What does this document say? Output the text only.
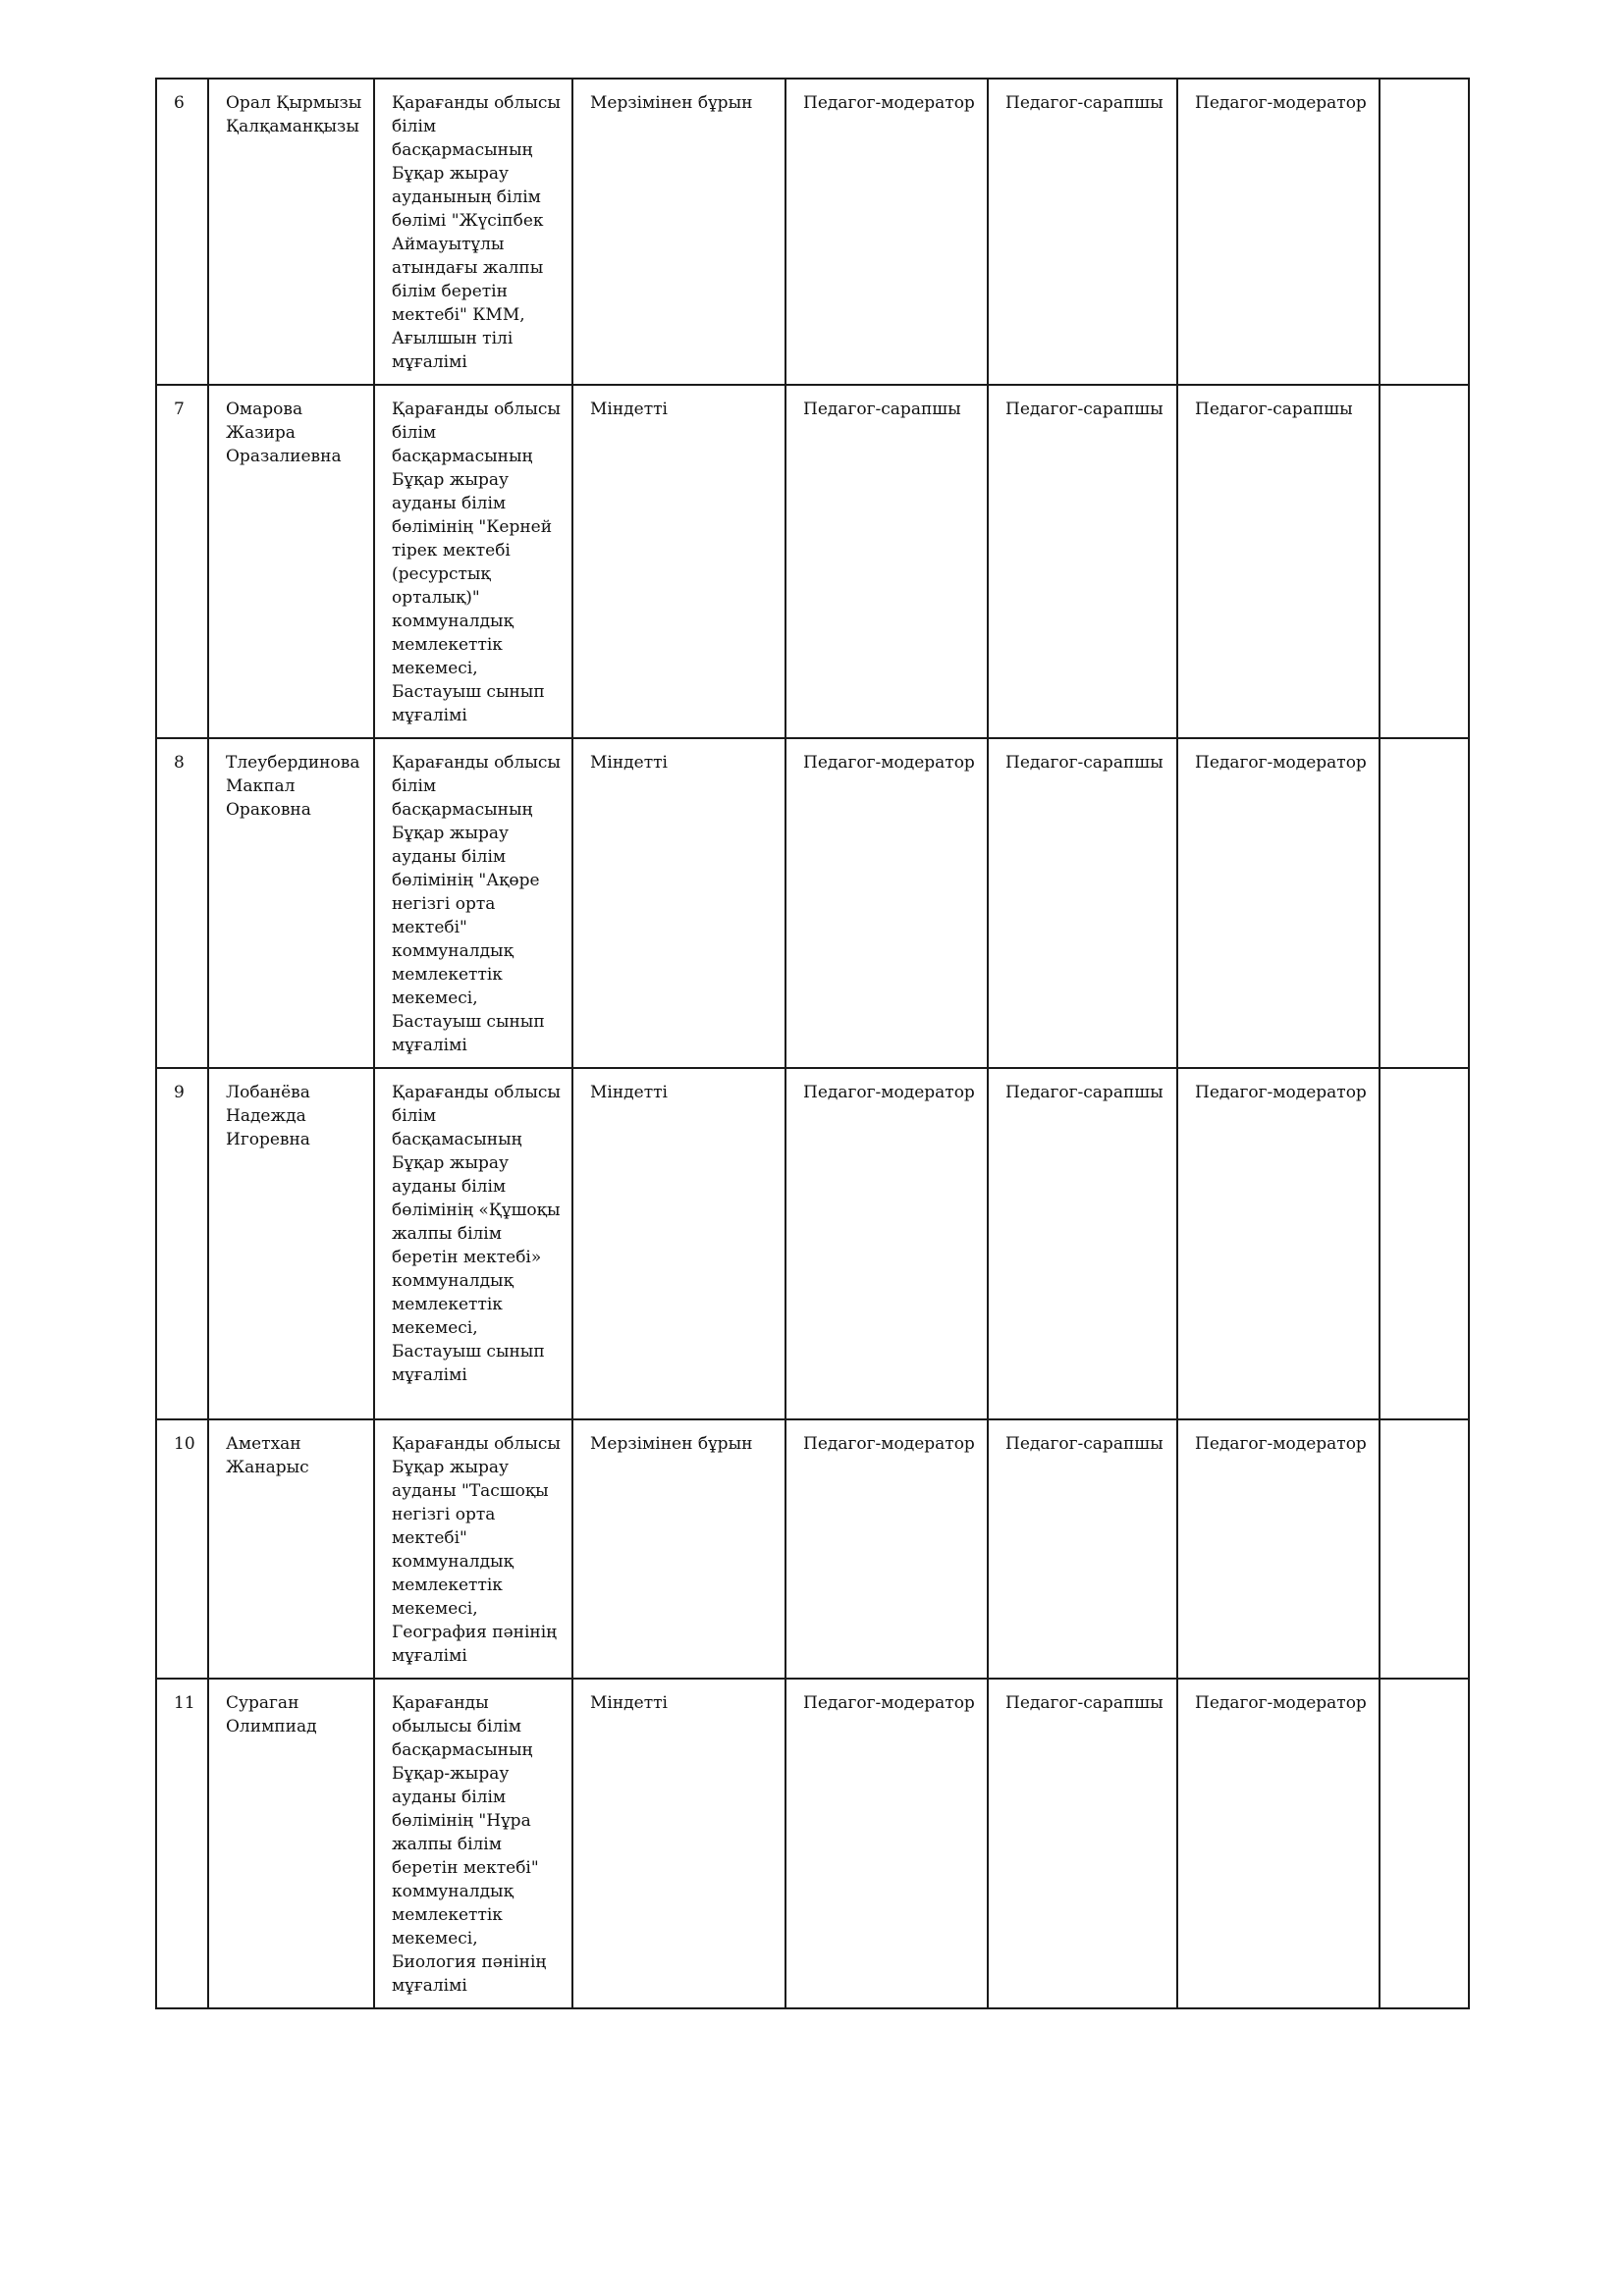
6	Орал Қырмызы Қалқаманқызы	Қарағанды облысы білім басқармасының Бұқар жырау ауданының білім бөлімі "Жүсіпбек Аймауытұлы атындағы жалпы білім беретін мектебі" КММ, Ағылшын тілі мұғалімі	Мерзімінен бұрын	Педагог-модератор	Педагог-сарапшы	Педагог-модератор	
7	Омарова Жазира Оразалиевна	Қарағанды облысы білім басқармасының Бұқар жырау ауданы білім бөлімінің "Керней тірек мектебі (ресурстық орталық)" коммуналдық мемлекеттік мекемесі, Бастауыш сынып мұғалімі	Міндетті	Педагог-сарапшы	Педагог-сарапшы	Педагог-сарапшы	
8	Тлеубердинова Макпал Ораковна	Қарағанды облысы білім басқармасының Бұқар жырау ауданы білім бөлімінің "Ақөре негізгі орта мектебі" коммуналдық мемлекеттік мекемесі, Бастауыш сынып мұғалімі	Міндетті	Педагог-модератор	Педагог-сарапшы	Педагог-модератор	
9	Лобанёва Надежда Игоревна	Қарағанды облысы білім басқамасының Бұқар жырау ауданы білім бөлімінің «Құшоқы жалпы білім беретін мектебі» коммуналдық мемлекеттік мекемесі, Бастауыш сынып мұғалімі	Міндетті	Педагог-модератор	Педагог-сарапшы	Педагог-модератор	
10	Аметхан Жанарыс	Қарағанды облысы Бұқар жырау ауданы "Тасшоқы негізгі орта мектебі" коммуналдық мемлекеттік мекемесі, География пәнінің мұғалімі	Мерзімінен бұрын	Педагог-модератор	Педагог-сарапшы	Педагог-модератор	
11	Сураган Олимпиад	Қарағанды обылысы білім басқармасының Бұқар-жырау ауданы білім бөлімінің "Нұра жалпы білім беретін мектебі" коммуналдық мемлекеттік мекемесі, Биология пәнінің мұғалімі	Міндетті	Педагог-модератор	Педагог-сарапшы	Педагог-модератор	
